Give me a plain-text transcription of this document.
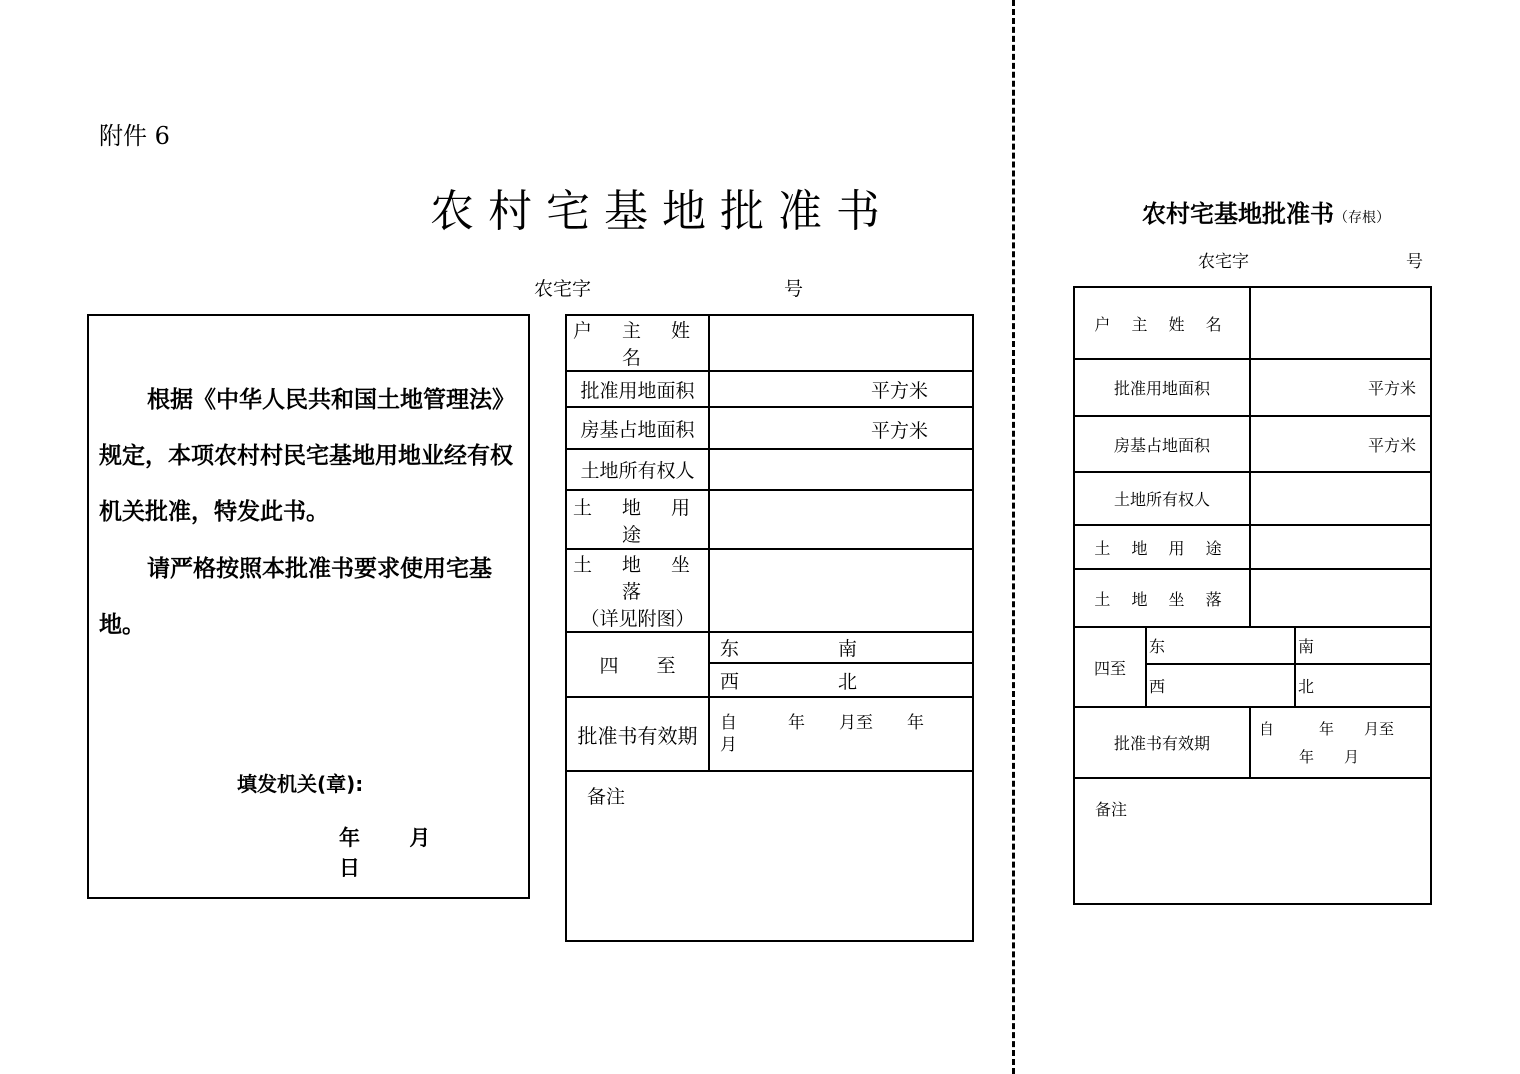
附件 6
农村宅基地批准书
农宅字	号
根据《中华人民共和国土地管理法》规定，本项农村村民宅基地用地业经有权机关批准，特发此书。
请严格按照本批准书要求使用宅基地。
填发机关(章):
年 月 日
户 主 姓 名	
批准用地面积	平方米
房基占地面积	平方米
土地所有权人	
土 地 用 途	

土 地 坐 落
（详见附图）	

四　　至	东 南
	西 北
批准书有效期	自　　　年　　月至　　年　　月
备注	
农村宅基地批准书（存根）
农宅字	号
户 主 姓 名			
批准用地面积		平方米	
房基占地面积		平方米	
土地所有权人			
土 地 用 途			
土 地 坐 落			
四至	东		南
	西		北
批准书有效期		自　　　年　　月至
年　　月	

备注			
